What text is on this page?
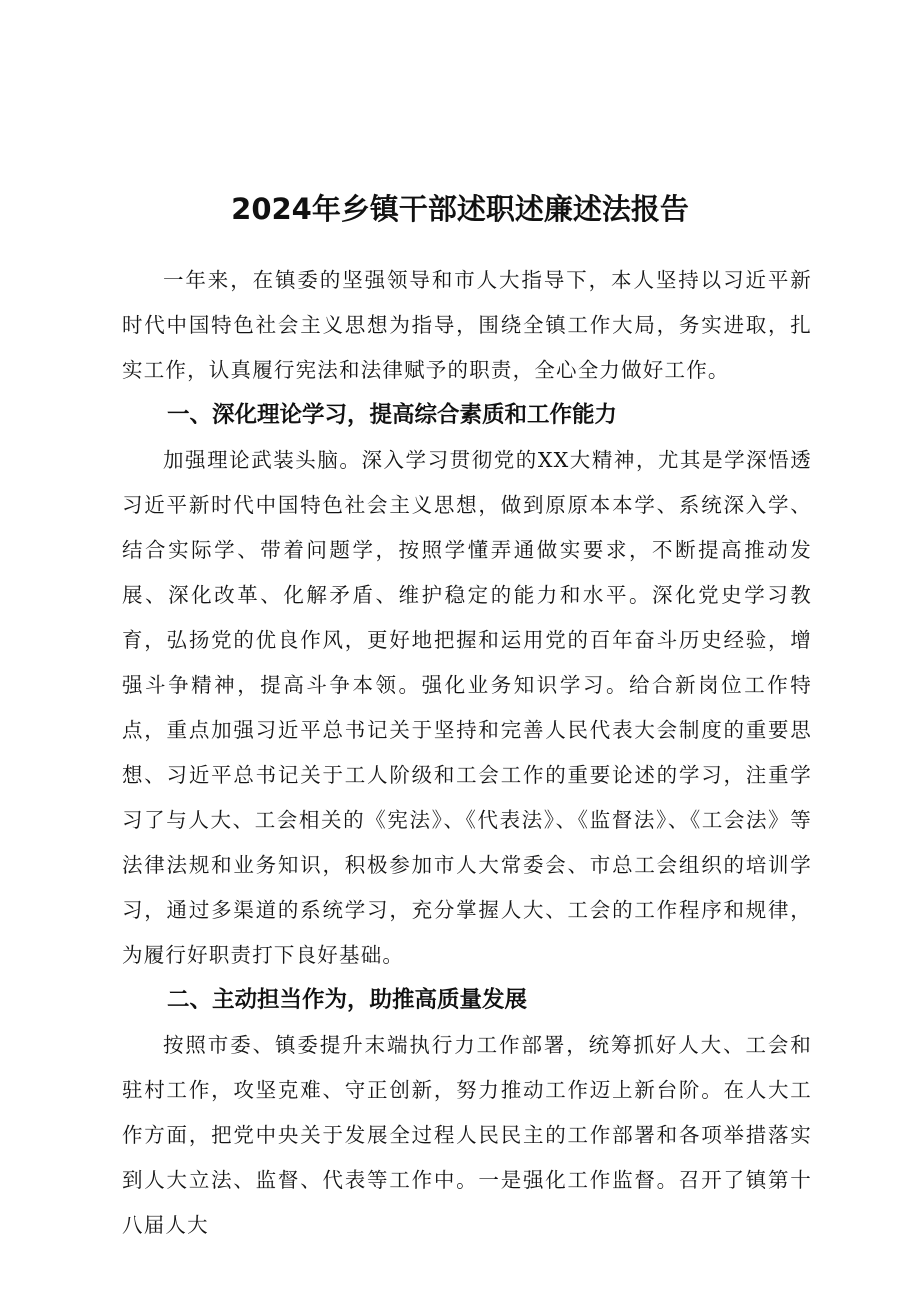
2024年乡镇干部述职述廉述法报告

一年来，在镇委的坚强领导和市人大指导下，本人坚持以习近平新时代中国特色社会主义思想为指导，围绕全镇工作大局，务实进取，扎实工作，认真履行宪法和法律赋予的职责，全心全力做好工作。

一、深化理论学习，提高综合素质和工作能力

加强理论武装头脑。深入学习贯彻党的XX大精神，尤其是学深悟透习近平新时代中国特色社会主义思想，做到原原本本学、系统深入学、结合实际学、带着问题学，按照学懂弄通做实要求，不断提高推动发展、深化改革、化解矛盾、维护稳定的能力和水平。深化党史学习教育，弘扬党的优良作风，更好地把握和运用党的百年奋斗历史经验，增强斗争精神，提高斗争本领。强化业务知识学习。给合新岗位工作特点，重点加强习近平总书记关于坚持和完善人民代表大会制度的重要思想、习近平总书记关于工人阶级和工会工作的重要论述的学习，注重学习了与人大、工会相关的《宪法》、《代表法》、《监督法》、《工会法》等法律法规和业务知识，积极参加市人大常委会、市总工会组织的培训学习，通过多渠道的系统学习，充分掌握人大、工会的工作程序和规律，为履行好职责打下良好基础。

二、主动担当作为，助推高质量发展

按照市委、镇委提升末端执行力工作部署，统筹抓好人大、工会和驻村工作，攻坚克难、守正创新，努力推动工作迈上新台阶。在人大工作方面，把党中央关于发展全过程人民民主的工作部署和各项举措落实到人大立法、监督、代表等工作中。一是强化工作监督。召开了镇第十八届人大
